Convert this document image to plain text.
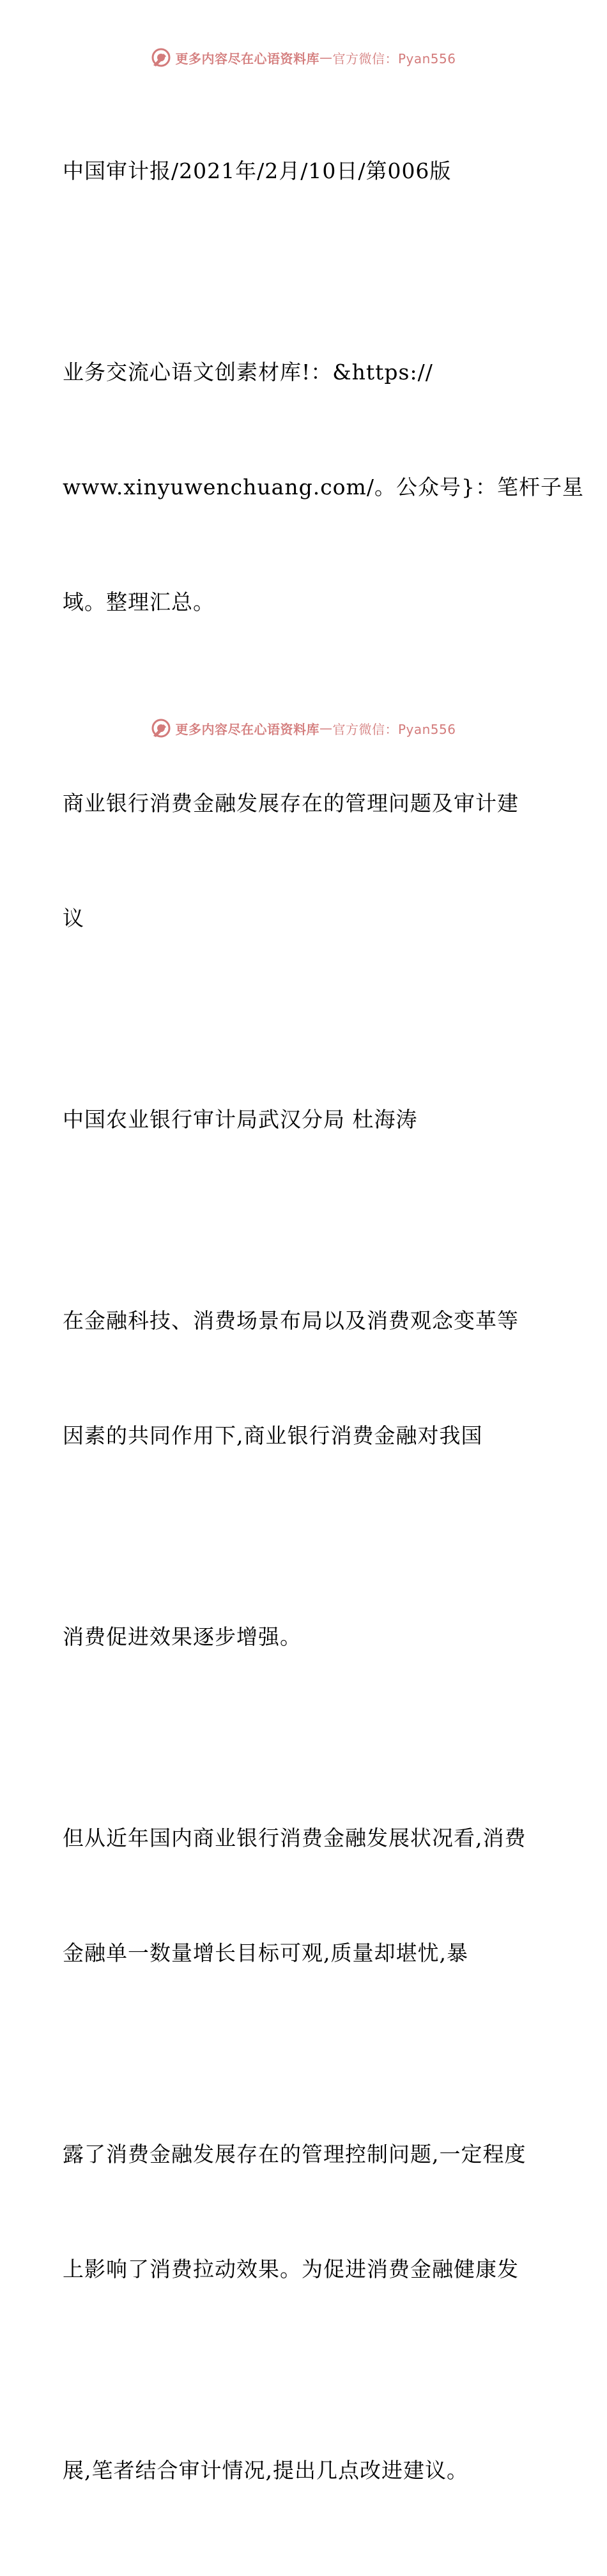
更多内容尽在心语资料库 — 官方微信：Pyan556

中国审计报/2021年/2月/10日/第006版

业务交流心语文创素材库!：&https://

www.xinyuwenchuang.com/。公众号}：笔杆子星

域。整理汇总。

商业银行消费金融发展存在的管理问题及审计建

议

中国农业银行审计局武汉分局 杜海涛

在金融科技、消费场景布局以及消费观念变革等

因素的共同作用下,商业银行消费金融对我国

消费促进效果逐步增强。

但从近年国内商业银行消费金融发展状况看,消费

金融单一数量增长目标可观,质量却堪忧,暴

露了消费金融发展存在的管理控制问题,一定程度

上影响了消费拉动效果。为促进消费金融健康发

展,笔者结合审计情况,提出几点改进建议。

更多内容尽在心语资料库 — 官方微信：Pyan556
